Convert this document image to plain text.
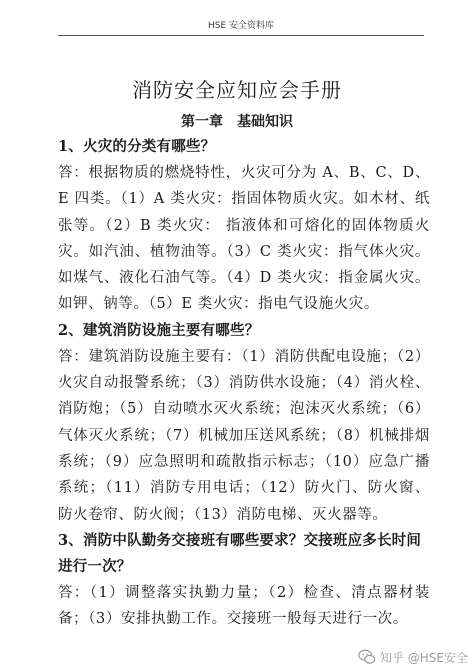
HSE 安全资料库
消防安全应知应会手册
第一章　基础知识
1、火灾的分类有哪些？
答：根据物质的燃烧特性，火灾可分为 A、B、C、D、E 四类。（1）A 类火灾：指固体物质火灾。如木材、纸张等。（2）B 类火灾： 指液体和可熔化的固体物质火灾。如汽油、植物油等。（3）C 类火灾：指气体火灾。如煤气、液化石油气等。（4）D 类火灾：指金属火灾。如钾、钠等。（5）E 类火灾：指电气设施火灾。
2、建筑消防设施主要有哪些？
答：建筑消防设施主要有：（1）消防供配电设施；（2）火灾自动报警系统；（3）消防供水设施；（4）消火栓、消防炮；（5）自动喷水灭火系统；泡沫灭火系统；（6）气体灭火系统；（7）机械加压送风系统；（8）机械排烟系统；（9）应急照明和疏散指示标志；（10）应急广播系统；（11）消防专用电话；（12）防火门、防火窗、防火卷帘、防火阀；（13）消防电梯、灭火器等。
3、消防中队勤务交接班有哪些要求？交接班应多长时间进行一次？
答：（1）调整落实执勤力量；（2）检查、清点器材装备；（3）安排执勤工作。交接班一般每天进行一次。
知乎 @HSE安全
